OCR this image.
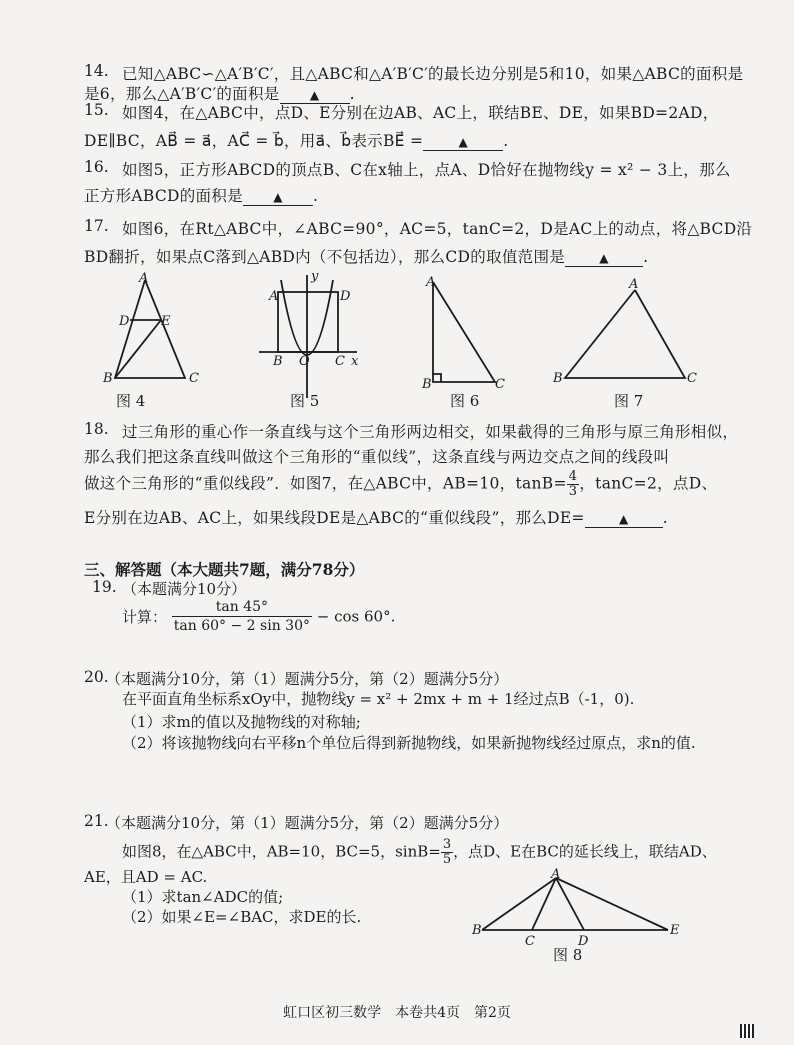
14. 已知△ABC∽△A′B′C′，且△ABC和△A′B′C′的最长边分别是5和10，如果△ABC的面积是
是6，那么△A′B′C′的面积是	▲ .
15. 如图4，在△ABC中，点D、E分别在边AB、AC上，联结BE、DE，如果BD=2AD，
DE∥BC，AB⃗ = a⃗，AC⃗ = b⃗，用a⃗、b⃗表示BE⃗ =	▲ .
16. 如图5，正方形ABCD的顶点B、C在x轴上，点A、D恰好在抛物线y = x² − 3上，那么
正方形ABCD的面积是	▲ .
17. 如图6，在Rt△ABC中，∠ABC=90°，AC=5，tanC=2，D是AC上的动点，将△BCD沿
BD翻折，如果点C落到△ABD内（不包括边），那么CD的取值范围是	▲ .
A
D E
B	C
A	D
y
B O C x
A
B	C
A
B	C
图 4	图 5	图 6	图 7
18. 过三角形的重心作一条直线与这个三角形两边相交，如果截得的三角形与原三角形相似，
那么我们把这条直线叫做这个三角形的“重似线”，这条直线与两边交点之间的线段叫
做这个三角形的“重似线段”．如图7，在△ABC中，AB=10，$\tan B= \frac{4}{3}$ ，tanC=2，点D、
E分别在边AB、AC上，如果线段DE是△ABC的“重似线段”，那么DE=	▲ .
三、解答题（本大题共7题，满分78分）
19. （本题满分10分）
计算： $\frac{\tan 45^\circ}{\tan 60^\circ - 2 \sin 30^\circ} - \cos 60^\circ$.
20.
（本题满分10分，第（1）题满分5分，第（2）题满分5分）
在平面直角坐标系xOy中，抛物线y = x² + 2mx + m + 1经过点B（-1，0).
（1）求m的值以及抛物线的对称轴;
（2）将该抛物线向右平移n个单位后得到新抛物线，如果新抛物线经过原点，求n的值.
21.
（本题满分10分，第（1）题满分5分，第（2）题满分5分）
如图8，在△ABC中，AB=10，BC=5，$\sin B= \frac{3}{5}$ ，点D、E在BC的延长线上，联结AD、
AE，且AD = AC.
（1）求tan∠ADC的值;
（2）如果∠E=∠BAC，求DE的长.
A
B
C	D
E
图 8
虹口区初三数学　本卷共4页　第2页
